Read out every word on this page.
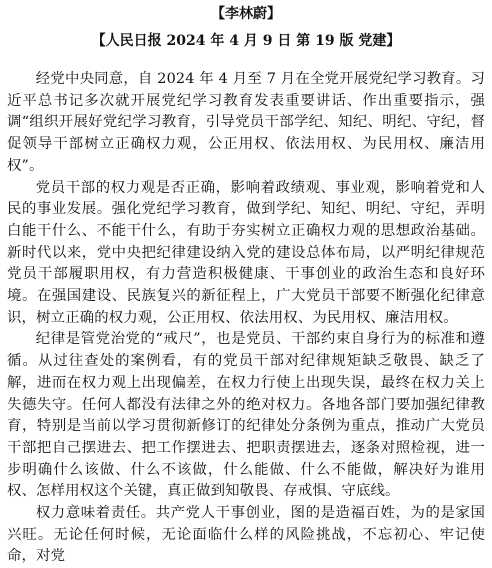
【李林蔚】
【人民日报 2024 年 4 月 9 日 第 19 版 党建】

经党中央同意，自 2024 年 4 月至 7 月在全党开展党纪学习教育。习近平总书记多次就开展党纪学习教育发表重要讲话、作出重要指示，强调“组织开展好党纪学习教育，引导党员干部学纪、知纪、明纪、守纪，督促领导干部树立正确权力观，公正用权、依法用权、为民用权、廉洁用权”。

党员干部的权力观是否正确，影响着政绩观、事业观，影响着党和人民的事业发展。强化党纪学习教育，做到学纪、知纪、明纪、守纪，弄明白能干什么、不能干什么，有助于夯实树立正确权力观的思想政治基础。新时代以来，党中央把纪律建设纳入党的建设总体布局，以严明纪律规范党员干部履职用权，有力营造积极健康、干事创业的政治生态和良好环境。在强国建设、民族复兴的新征程上，广大党员干部要不断强化纪律意识，树立正确的权力观，公正用权、依法用权、为民用权、廉洁用权。

纪律是管党治党的“戒尺”，也是党员、干部约束自身行为的标准和遵循。从过往查处的案例看，有的党员干部对纪律规矩缺乏敬畏、缺乏了解，进而在权力观上出现偏差，在权力行使上出现失误，最终在权力关上失德失守。任何人都没有法律之外的绝对权力。各地各部门要加强纪律教育，特别是当前以学习贯彻新修订的纪律处分条例为重点，推动广大党员干部把自己摆进去、把工作摆进去、把职责摆进去，逐条对照检视，进一步明确什么该做、什么不该做，什么能做、什么不能做，解决好为谁用权、怎样用权这个关键，真正做到知敬畏、存戒惧、守底线。

权力意味着责任。共产党人干事创业，图的是造福百姓，为的是家国兴旺。无论任何时候，无论面临什么样的风险挑战，不忘初心、牢记使命，对党
